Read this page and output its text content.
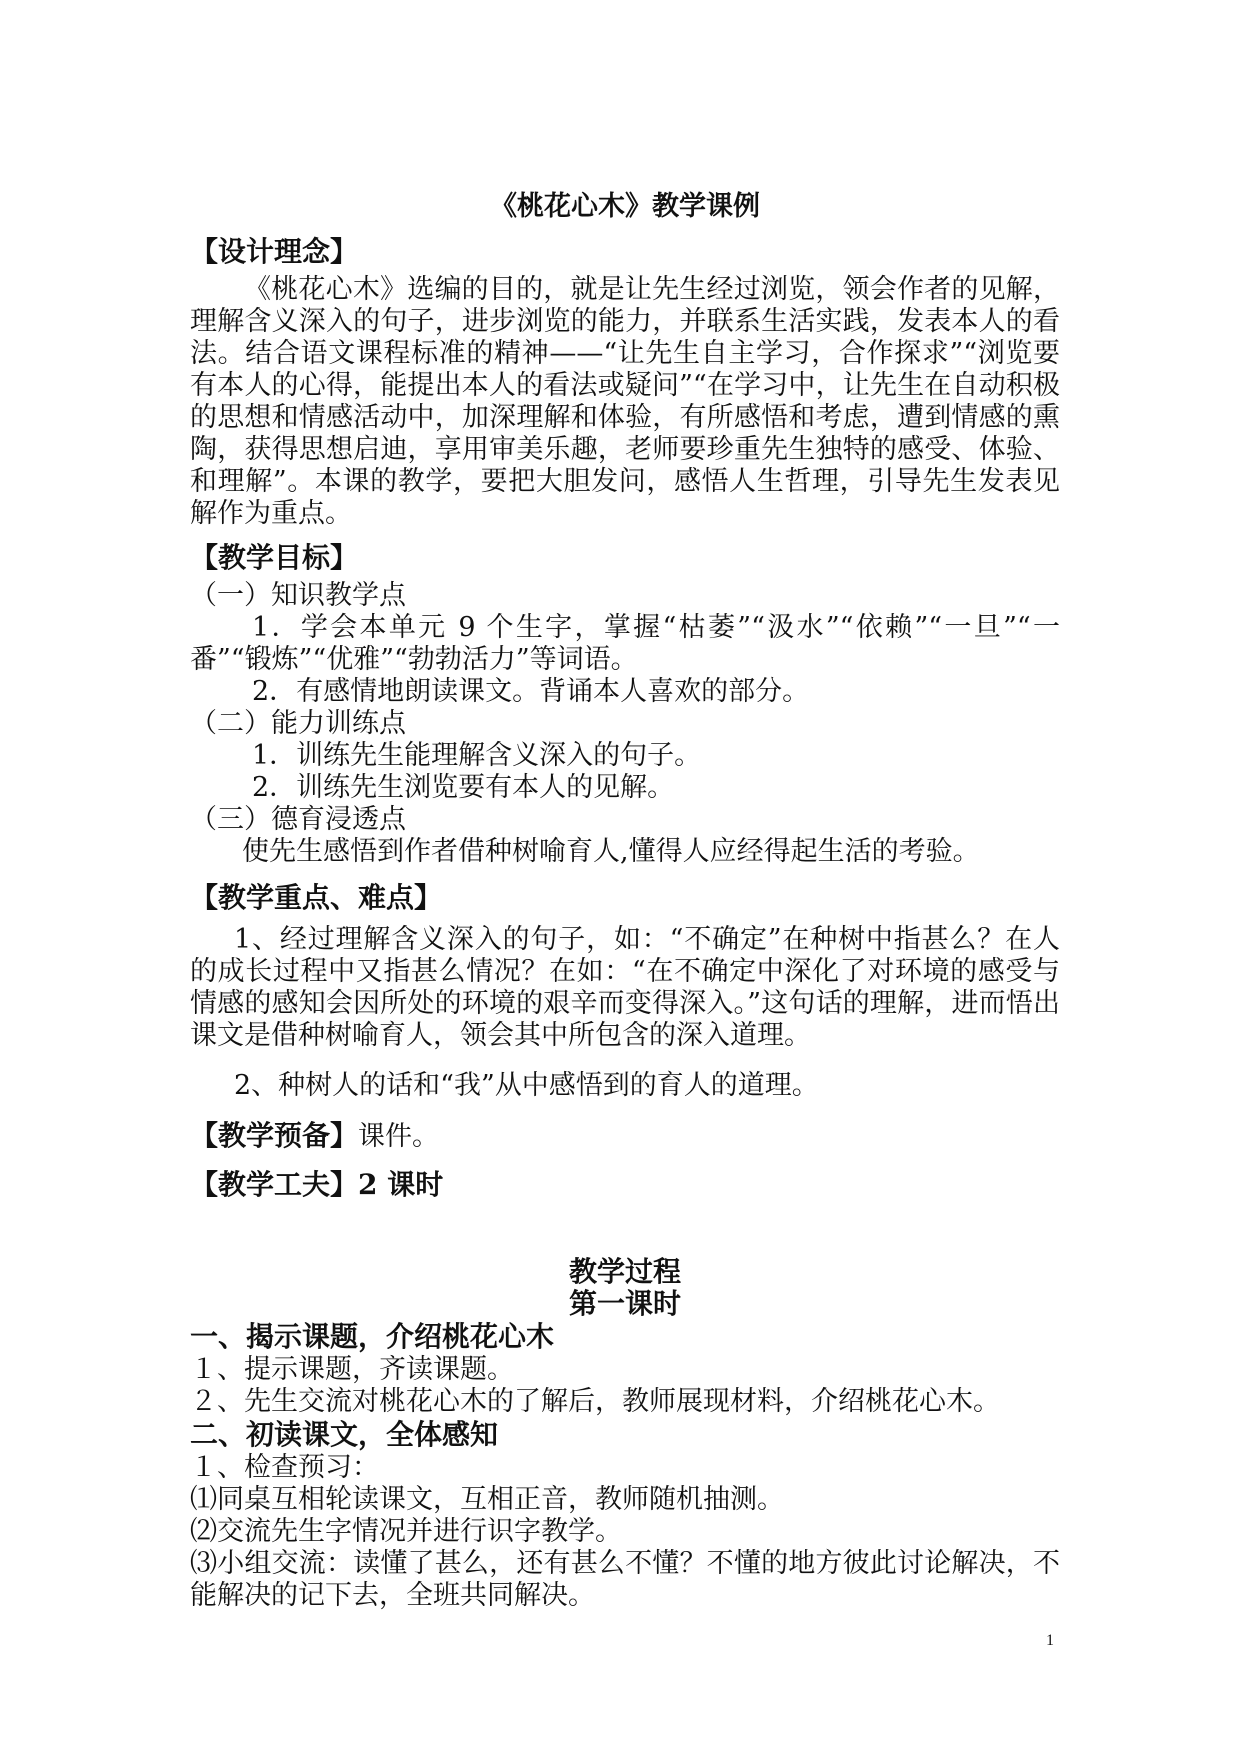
《桃花心木》教学课例
【设计理念】

《桃花心木》选编的目的，就是让先生经过浏览，领会作者的见解，理解含义深入的句子，进步浏览的能力，并联系生活实践，发表本人的看法。结合语文课程标准的精神——“让先生自主学习，合作探求”“浏览要有本人的心得，能提出本人的看法或疑问”“在学习中，让先生在自动积极的思想和情感活动中，加深理解和体验，有所感悟和考虑，遭到情感的熏陶，获得思想启迪，享用审美乐趣，老师要珍重先生独特的感受、体验、和理解”。本课的教学，要把大胆发问，感悟人生哲理，引导先生发表见解作为重点。

【教学目标】
（一）知识教学点

1．学会本单元 9 个生字，掌握“枯萎”“汲水”“依赖”“一旦”“一番”“锻炼”“优雅”“勃勃活力”等词语。

2．有感情地朗读课文。背诵本人喜欢的部分。
（二）能力训练点
1．训练先生能理解含义深入的句子。
2．训练先生浏览要有本人的见解。
（三）德育浸透点
使先生感悟到作者借种树喻育人,懂得人应经得起生活的考验。
【教学重点、难点】

1、经过理解含义深入的句子，如：“不确定”在种树中指甚么？在人的成长过程中又指甚么情况？在如：“在不确定中深化了对环境的感受与情感的感知会因所处的环境的艰辛而变得深入。”这句话的理解，进而悟出课文是借种树喻育人，领会其中所包含的深入道理。

2、种树人的话和“我”从中感悟到的育人的道理。

【教学预备】课件。
【教学工夫】2 课时
教学过程
第一课时
一、揭示课题，介绍桃花心木
１、提示课题，齐读课题。
２、先生交流对桃花心木的了解后，教师展现材料，介绍桃花心木。
二、初读课文，全体感知
１、检查预习：
⑴同桌互相轮读课文，互相正音，教师随机抽测。
⑵交流先生字情况并进行识字教学。

⑶小组交流：读懂了甚么，还有甚么不懂？不懂的地方彼此讨论解决，不能解决的记下去，全班共同解决。

1
